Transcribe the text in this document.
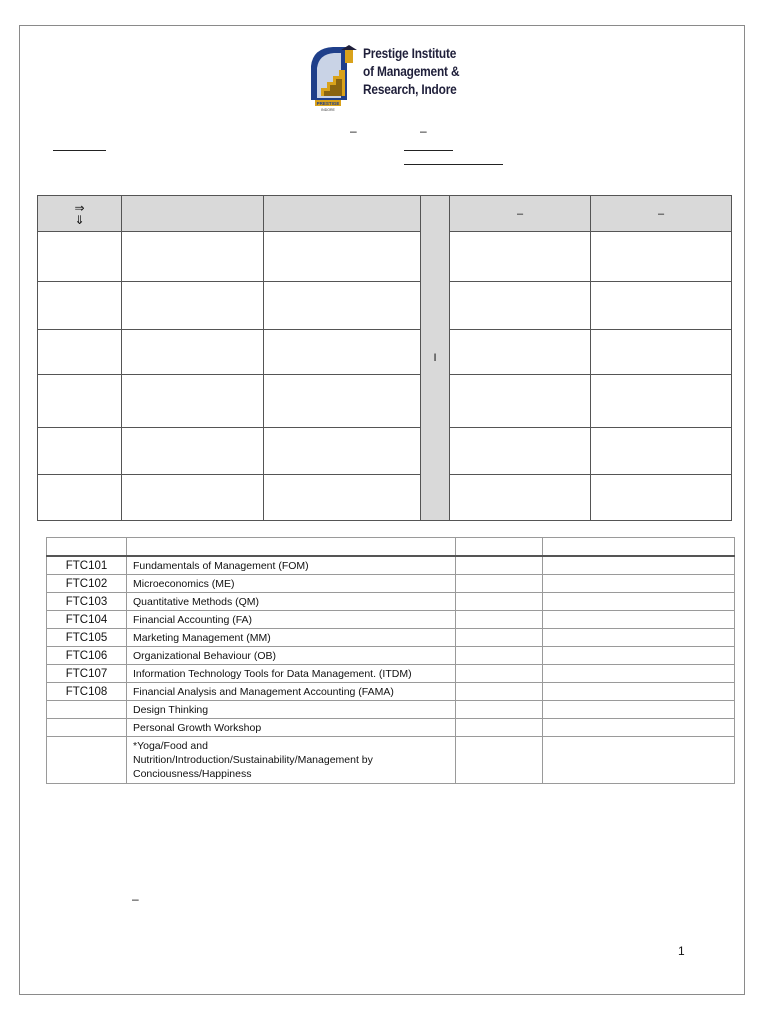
PRESTIGE
INDORE
Prestige Institute
of Management &
Research, Indore
–	–
⇒
⇓			I	–	–

FTC101	Fundamentals of Management (FOM)		
FTC102	Microeconomics (ME)		
FTC103	Quantitative Methods (QM)		
FTC104	Financial Accounting (FA)		
FTC105	Marketing Management (MM)		
FTC106	Organizational Behaviour (OB)		
FTC107	Information Technology Tools for Data Management. (ITDM)		
FTC108	Financial Analysis and Management Accounting (FAMA)		
	Design Thinking		
	Personal Growth Workshop		
	*Yoga/Food and Nutrition/Introduction/Sustainability/Management by Conciousness/Happiness		
–
1
